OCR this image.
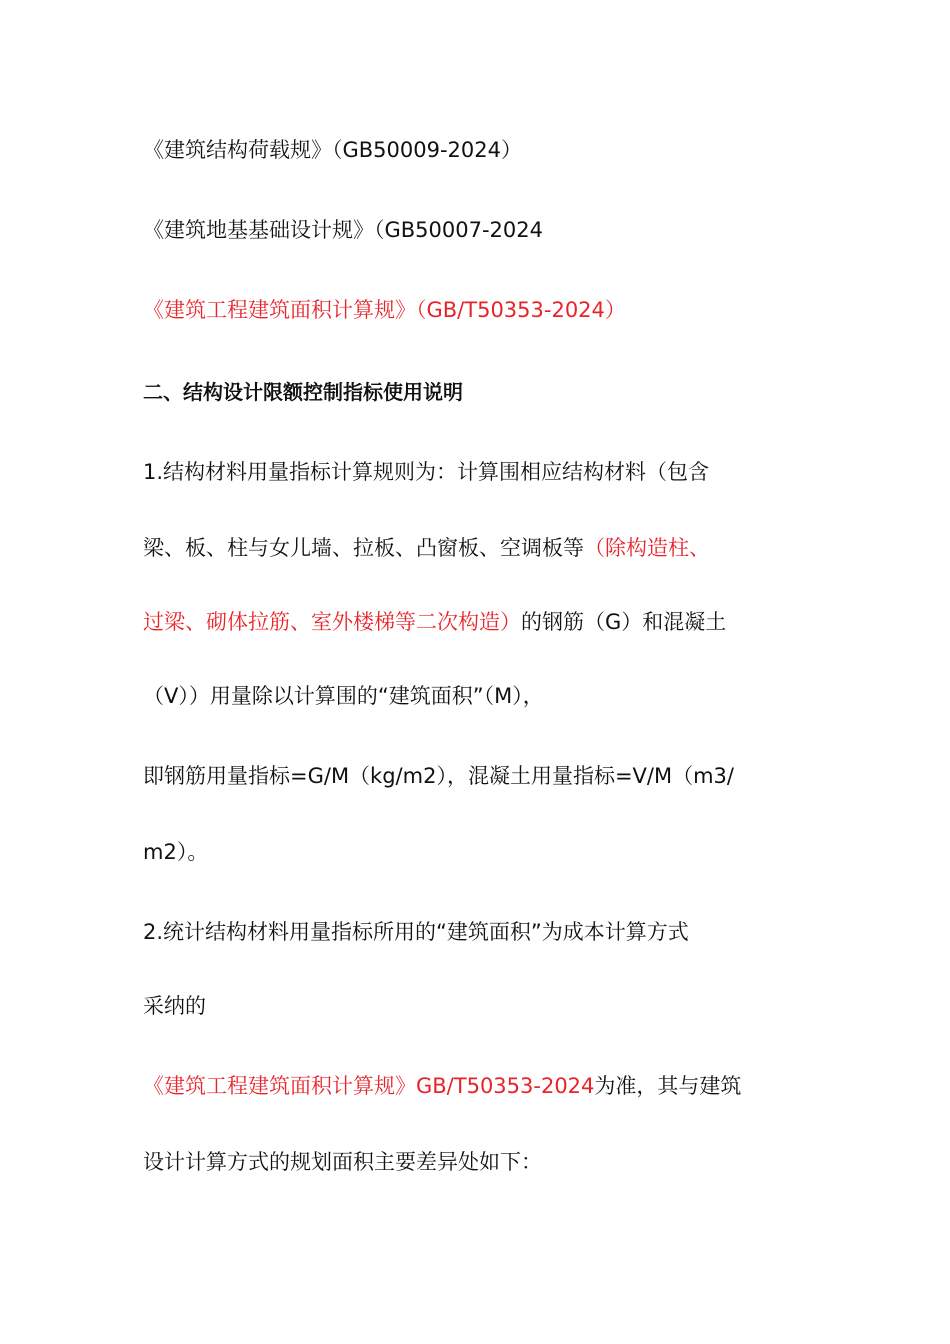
《建筑结构荷载规》（GB50009-2024）
《建筑地基基础设计规》（GB50007-2024
《建筑工程建筑面积计算规》（GB/T50353-2024）
二、结构设计限额控制指标使用说明
1.结构材料用量指标计算规则为：计算围相应结构材料（包含
梁、板、柱与女儿墙、拉板、凸窗板、空调板等（除构造柱、
过梁、砌体拉筋、室外楼梯等二次构造）的钢筋（G）和混凝土
（V））用量除以计算围的“建筑面积”（M），
即钢筋用量指标=G/M（kg/m2），混凝土用量指标=V/M（m3/
m2）。
2.统计结构材料用量指标所用的“建筑面积”为成本计算方式
采纳的
《建筑工程建筑面积计算规》GB/T50353-2024为准，其与建筑
设计计算方式的规划面积主要差异处如下：
